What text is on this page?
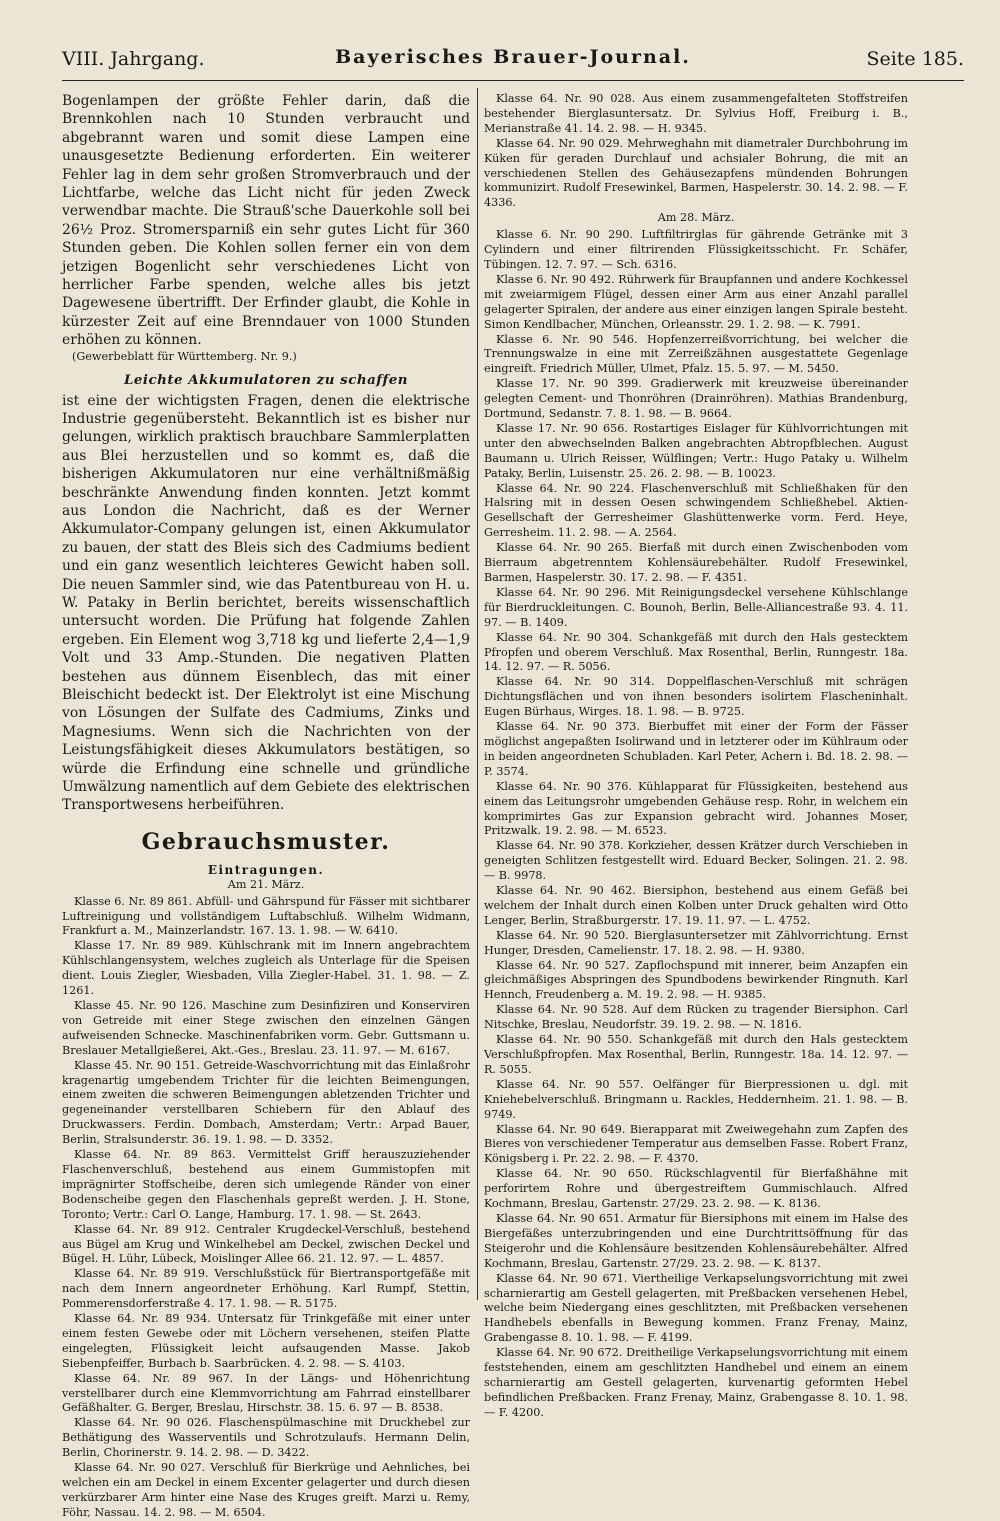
VIII. Jahrgang.	Bayerisches Brauer-Journal.	Seite 185.

Bogenlampen der größte Fehler darin, daß die Brennkohlen nach 10 Stunden verbraucht und abgebrannt waren und somit diese Lampen eine unausgesetzte Bedienung erforderten. Ein weiterer Fehler lag in dem sehr großen Stromverbrauch und der Lichtfarbe, welche das Licht nicht für jeden Zweck verwendbar machte. Die Strauß'sche Dauerkohle soll bei 26½ Proz. Stromersparniß ein sehr gutes Licht für 360 Stunden geben. Die Kohlen sollen ferner ein von dem jetzigen Bogenlicht sehr verschiedenes Licht von herrlicher Farbe spenden, welche alles bis jetzt Dagewesene übertrifft. Der Erfinder glaubt, die Kohle in kürzester Zeit auf eine Brenndauer von 1000 Stunden erhöhen zu können.

(Gewerbeblatt für Württemberg. Nr. 9.)

Leichte Akkumulatoren zu schaffen

ist eine der wichtigsten Fragen, denen die elektrische Industrie gegenübersteht. Bekanntlich ist es bisher nur gelungen, wirklich praktisch brauchbare Sammlerplatten aus Blei herzustellen und so kommt es, daß die bisherigen Akkumulatoren nur eine verhältnißmäßig beschränkte Anwendung finden konnten. Jetzt kommt aus London die Nachricht, daß es der Werner Akkumulator-Company gelungen ist, einen Akkumulator zu bauen, der statt des Bleis sich des Cadmiums bedient und ein ganz wesentlich leichteres Gewicht haben soll. Die neuen Sammler sind, wie das Patentbureau von H. u. W. Pataky in Berlin berichtet, bereits wissenschaftlich untersucht worden. Die Prüfung hat folgende Zahlen ergeben. Ein Element wog 3,718 kg und lieferte 2,4—1,9 Volt und 33 Amp.-Stunden. Die negativen Platten bestehen aus dünnem Eisenblech, das mit einer Bleischicht bedeckt ist. Der Elektrolyt ist eine Mischung von Lösungen der Sulfate des Cadmiums, Zinks und Magnesiums. Wenn sich die Nachrichten von der Leistungsfähigkeit dieses Akkumulators bestätigen, so würde die Erfindung eine schnelle und gründliche Umwälzung namentlich auf dem Gebiete des elektrischen Transportwesens herbeiführen.

Gebrauchsmuster.
Eintragungen.
Am 21. März.

Klasse 6. Nr. 89 861. Abfüll- und Gährspund für Fässer mit sichtbarer Luftreinigung und vollständigem Luftabschluß. Wilhelm Widmann, Frankfurt a. M., Mainzerlandstr. 167. 13. 1. 98. — W. 6410.

Klasse 17. Nr. 89 989. Kühlschrank mit im Innern angebrachtem Kühlschlangensystem, welches zugleich als Unterlage für die Speisen dient. Louis Ziegler, Wiesbaden, Villa Ziegler-Habel. 31. 1. 98. — Z. 1261.

Klasse 45. Nr. 90 126. Maschine zum Desinfiziren und Konserviren von Getreide mit einer Stege zwischen den einzelnen Gängen aufweisenden Schnecke. Maschinenfabriken vorm. Gebr. Guttsmann u. Breslauer Metallgießerei, Akt.-Ges., Breslau. 23. 11. 97. — M. 6167.

Klasse 45. Nr. 90 151. Getreide-Waschvorrichtung mit das Einlaßrohr kragenartig umgebendem Trichter für die leichten Beimengungen, einem zweiten die schweren Beimengungen abletzenden Trichter und gegeneinander verstellbaren Schiebern für den Ablauf des Druckwassers. Ferdin. Dombach, Amsterdam; Vertr.: Arpad Bauer, Berlin, Stralsunderstr. 36. 19. 1. 98. — D. 3352.

Klasse 64. Nr. 89 863. Vermittelst Griff herauszuziehender Flaschenverschluß, bestehend aus einem Gummistopfen mit imprägnirter Stoffscheibe, deren sich umlegende Ränder von einer Bodenscheibe gegen den Flaschenhals gepreßt werden. J. H. Stone, Toronto; Vertr.: Carl O. Lange, Hamburg. 17. 1. 98. — St. 2643.

Klasse 64. Nr. 89 912. Centraler Krugdeckel-Verschluß, bestehend aus Bügel am Krug und Winkelhebel am Deckel, zwischen Deckel und Bügel. H. Lühr, Lübeck, Moislinger Allee 66. 21. 12. 97. — L. 4857.

Klasse 64. Nr. 89 919. Verschlußstück für Biertransportgefäße mit nach dem Innern angeordneter Erhöhung. Karl Rumpf, Stettin, Pommerensdorferstraße 4. 17. 1. 98. — R. 5175.

Klasse 64. Nr. 89 934. Untersatz für Trinkgefäße mit einer unter einem festen Gewebe oder mit Löchern versehenen, steifen Platte eingelegten, Flüssigkeit leicht aufsaugenden Masse. Jakob Siebenpfeiffer, Burbach b. Saarbrücken. 4. 2. 98. — S. 4103.

Klasse 64. Nr. 89 967. In der Längs- und Höhenrichtung verstellbarer durch eine Klemmvorrichtung am Fahrrad einstellbarer Gefäßhalter. G. Berger, Breslau, Hirschstr. 38. 15. 6. 97 — B. 8538.

Klasse 64. Nr. 90 026. Flaschenspülmaschine mit Druckhebel zur Bethätigung des Wasserventils und Schrotzulaufs. Hermann Delin, Berlin, Chorinerstr. 9. 14. 2. 98. — D. 3422.

Klasse 64. Nr. 90 027. Verschluß für Bierkrüge und Aehnliches, bei welchen ein am Deckel in einem Excenter gelagerter und durch diesen verkürzbarer Arm hinter eine Nase des Kruges greift. Marzi u. Remy, Föhr, Nassau. 14. 2. 98. — M. 6504.

Klasse 64. Nr. 90 028. Aus einem zusammengefalteten Stoffstreifen bestehender Bierglasuntersatz. Dr. Sylvius Hoff, Freiburg i. B., Merianstraße 41. 14. 2. 98. — H. 9345.

Klasse 64. Nr. 90 029. Mehrweghahn mit diametraler Durchbohrung im Küken für geraden Durchlauf und achsialer Bohrung, die mit an verschiedenen Stellen des Gehäusezapfens mündenden Bohrungen kommunizirt. Rudolf Fresewinkel, Barmen, Haspelerstr. 30. 14. 2. 98. — F. 4336.

Am 28. März.

Klasse 6. Nr. 90 290. Luftfiltrirglas für gährende Getränke mit 3 Cylindern und einer filtrirenden Flüssigkeitsschicht. Fr. Schäfer, Tübingen. 12. 7. 97. — Sch. 6316.

Klasse 6. Nr. 90 492. Rührwerk für Braupfannen und andere Kochkessel mit zweiarmigem Flügel, dessen einer Arm aus einer Anzahl parallel gelagerter Spiralen, der andere aus einer einzigen langen Spirale besteht. Simon Kendlbacher, München, Orleansstr. 29. 1. 2. 98. — K. 7991.

Klasse 6. Nr. 90 546. Hopfenzerreißvorrichtung, bei welcher die Trennungswalze in eine mit Zerreißzähnen ausgestattete Gegenlage eingreift. Friedrich Müller, Ulmet, Pfalz. 15. 5. 97. — M. 5450.

Klasse 17. Nr. 90 399. Gradierwerk mit kreuzweise übereinander gelegten Cement- und Thonröhren (Drainröhren). Mathias Brandenburg, Dortmund, Sedanstr. 7. 8. 1. 98. — B. 9664.

Klasse 17. Nr. 90 656. Rostartiges Eislager für Kühlvorrichtungen mit unter den abwechselnden Balken angebrachten Abtropfblechen. August Baumann u. Ulrich Reisser, Wülflingen; Vertr.: Hugo Pataky u. Wilhelm Pataky, Berlin, Luisenstr. 25. 26. 2. 98. — B. 10023.

Klasse 64. Nr. 90 224. Flaschenverschluß mit Schließhaken für den Halsring mit in dessen Oesen schwingendem Schließhebel. Aktien-Gesellschaft der Gerresheimer Glashüttenwerke vorm. Ferd. Heye, Gerresheim. 11. 2. 98. — A. 2564.

Klasse 64. Nr. 90 265. Bierfaß mit durch einen Zwischenboden vom Bierraum abgetrenntem Kohlensäurebehälter. Rudolf Fresewinkel, Barmen, Haspelerstr. 30. 17. 2. 98. — F. 4351.

Klasse 64. Nr. 90 296. Mit Reinigungsdeckel versehene Kühlschlange für Bierdruckleitungen. C. Bounoh, Berlin, Belle-Alliancestraße 93. 4. 11. 97. — B. 1409.

Klasse 64. Nr. 90 304. Schankgefäß mit durch den Hals gestecktem Pfropfen und oberem Verschluß. Max Rosenthal, Berlin, Runngestr. 18a. 14. 12. 97. — R. 5056.

Klasse 64. Nr. 90 314. Doppelflaschen-Verschluß mit schrägen Dichtungsflächen und von ihnen besonders isolirtem Flascheninhalt. Eugen Bürhaus, Wirges. 18. 1. 98. — B. 9725.

Klasse 64. Nr. 90 373. Bierbuffet mit einer der Form der Fässer möglichst angepaßten Isolirwand und in letzterer oder im Kühlraum oder in beiden angeordneten Schubladen. Karl Peter, Achern i. Bd. 18. 2. 98. — P. 3574.

Klasse 64. Nr. 90 376. Kühlapparat für Flüssigkeiten, bestehend aus einem das Leitungsrohr umgebenden Gehäuse resp. Rohr, in welchem ein komprimirtes Gas zur Expansion gebracht wird. Johannes Moser, Pritzwalk. 19. 2. 98. — M. 6523.

Klasse 64. Nr. 90 378. Korkzieher, dessen Krätzer durch Verschieben in geneigten Schlitzen festgestellt wird. Eduard Becker, Solingen. 21. 2. 98. — B. 9978.

Klasse 64. Nr. 90 462. Biersiphon, bestehend aus einem Gefäß bei welchem der Inhalt durch einen Kolben unter Druck gehalten wird Otto Lenger, Berlin, Straßburgerstr. 17. 19. 11. 97. — L. 4752.

Klasse 64. Nr. 90 520. Bierglasuntersetzer mit Zählvorrichtung. Ernst Hunger, Dresden, Camelienstr. 17. 18. 2. 98. — H. 9380.

Klasse 64. Nr. 90 527. Zapflochspund mit innerer, beim Anzapfen ein gleichmäßiges Abspringen des Spundbodens bewirkender Ringnuth. Karl Hennch, Freudenberg a. M. 19. 2. 98. — H. 9385.

Klasse 64. Nr. 90 528. Auf dem Rücken zu tragender Biersiphon. Carl Nitschke, Breslau, Neudorfstr. 39. 19. 2. 98. — N. 1816.

Klasse 64. Nr. 90 550. Schankgefäß mit durch den Hals gestecktem Verschlußpfropfen. Max Rosenthal, Berlin, Runngestr. 18a. 14. 12. 97. — R. 5055.

Klasse 64. Nr. 90 557. Oelfänger für Bierpressionen u. dgl. mit Kniehebelverschluß. Bringmann u. Rackles, Heddernheim. 21. 1. 98. — B. 9749.

Klasse 64. Nr. 90 649. Bierapparat mit Zweiwegehahn zum Zapfen des Bieres von verschiedener Temperatur aus demselben Fasse. Robert Franz, Königsberg i. Pr. 22. 2. 98. — F. 4370.

Klasse 64. Nr. 90 650. Rückschlagventil für Bierfaßhähne mit perforirtem Rohre und übergestreiftem Gummischlauch. Alfred Kochmann, Breslau, Gartenstr. 27/29. 23. 2. 98. — K. 8136.

Klasse 64. Nr. 90 651. Armatur für Biersiphons mit einem im Halse des Biergefäßes unterzubringenden und eine Durchtrittsöffnung für das Steigerohr und die Kohlensäure besitzenden Kohlensäurebehälter. Alfred Kochmann, Breslau, Gartenstr. 27/29. 23. 2. 98. — K. 8137.

Klasse 64. Nr. 90 671. Viertheilige Verkapselungsvorrichtung mit zwei scharnierartig am Gestell gelagerten, mit Preßbacken versehenen Hebel, welche beim Niedergang eines geschlitzten, mit Preßbacken versehenen Handhebels ebenfalls in Bewegung kommen. Franz Frenay, Mainz, Grabengasse 8. 10. 1. 98. — F. 4199.

Klasse 64. Nr. 90 672. Dreitheilige Verkapselungsvorrichtung mit einem feststehenden, einem am geschlitzten Handhebel und einem an einem scharnierartig am Gestell gelagerten, kurvenartig geformten Hebel befindlichen Preßbacken. Franz Frenay, Mainz, Grabengasse 8. 10. 1. 98. — F. 4200.
